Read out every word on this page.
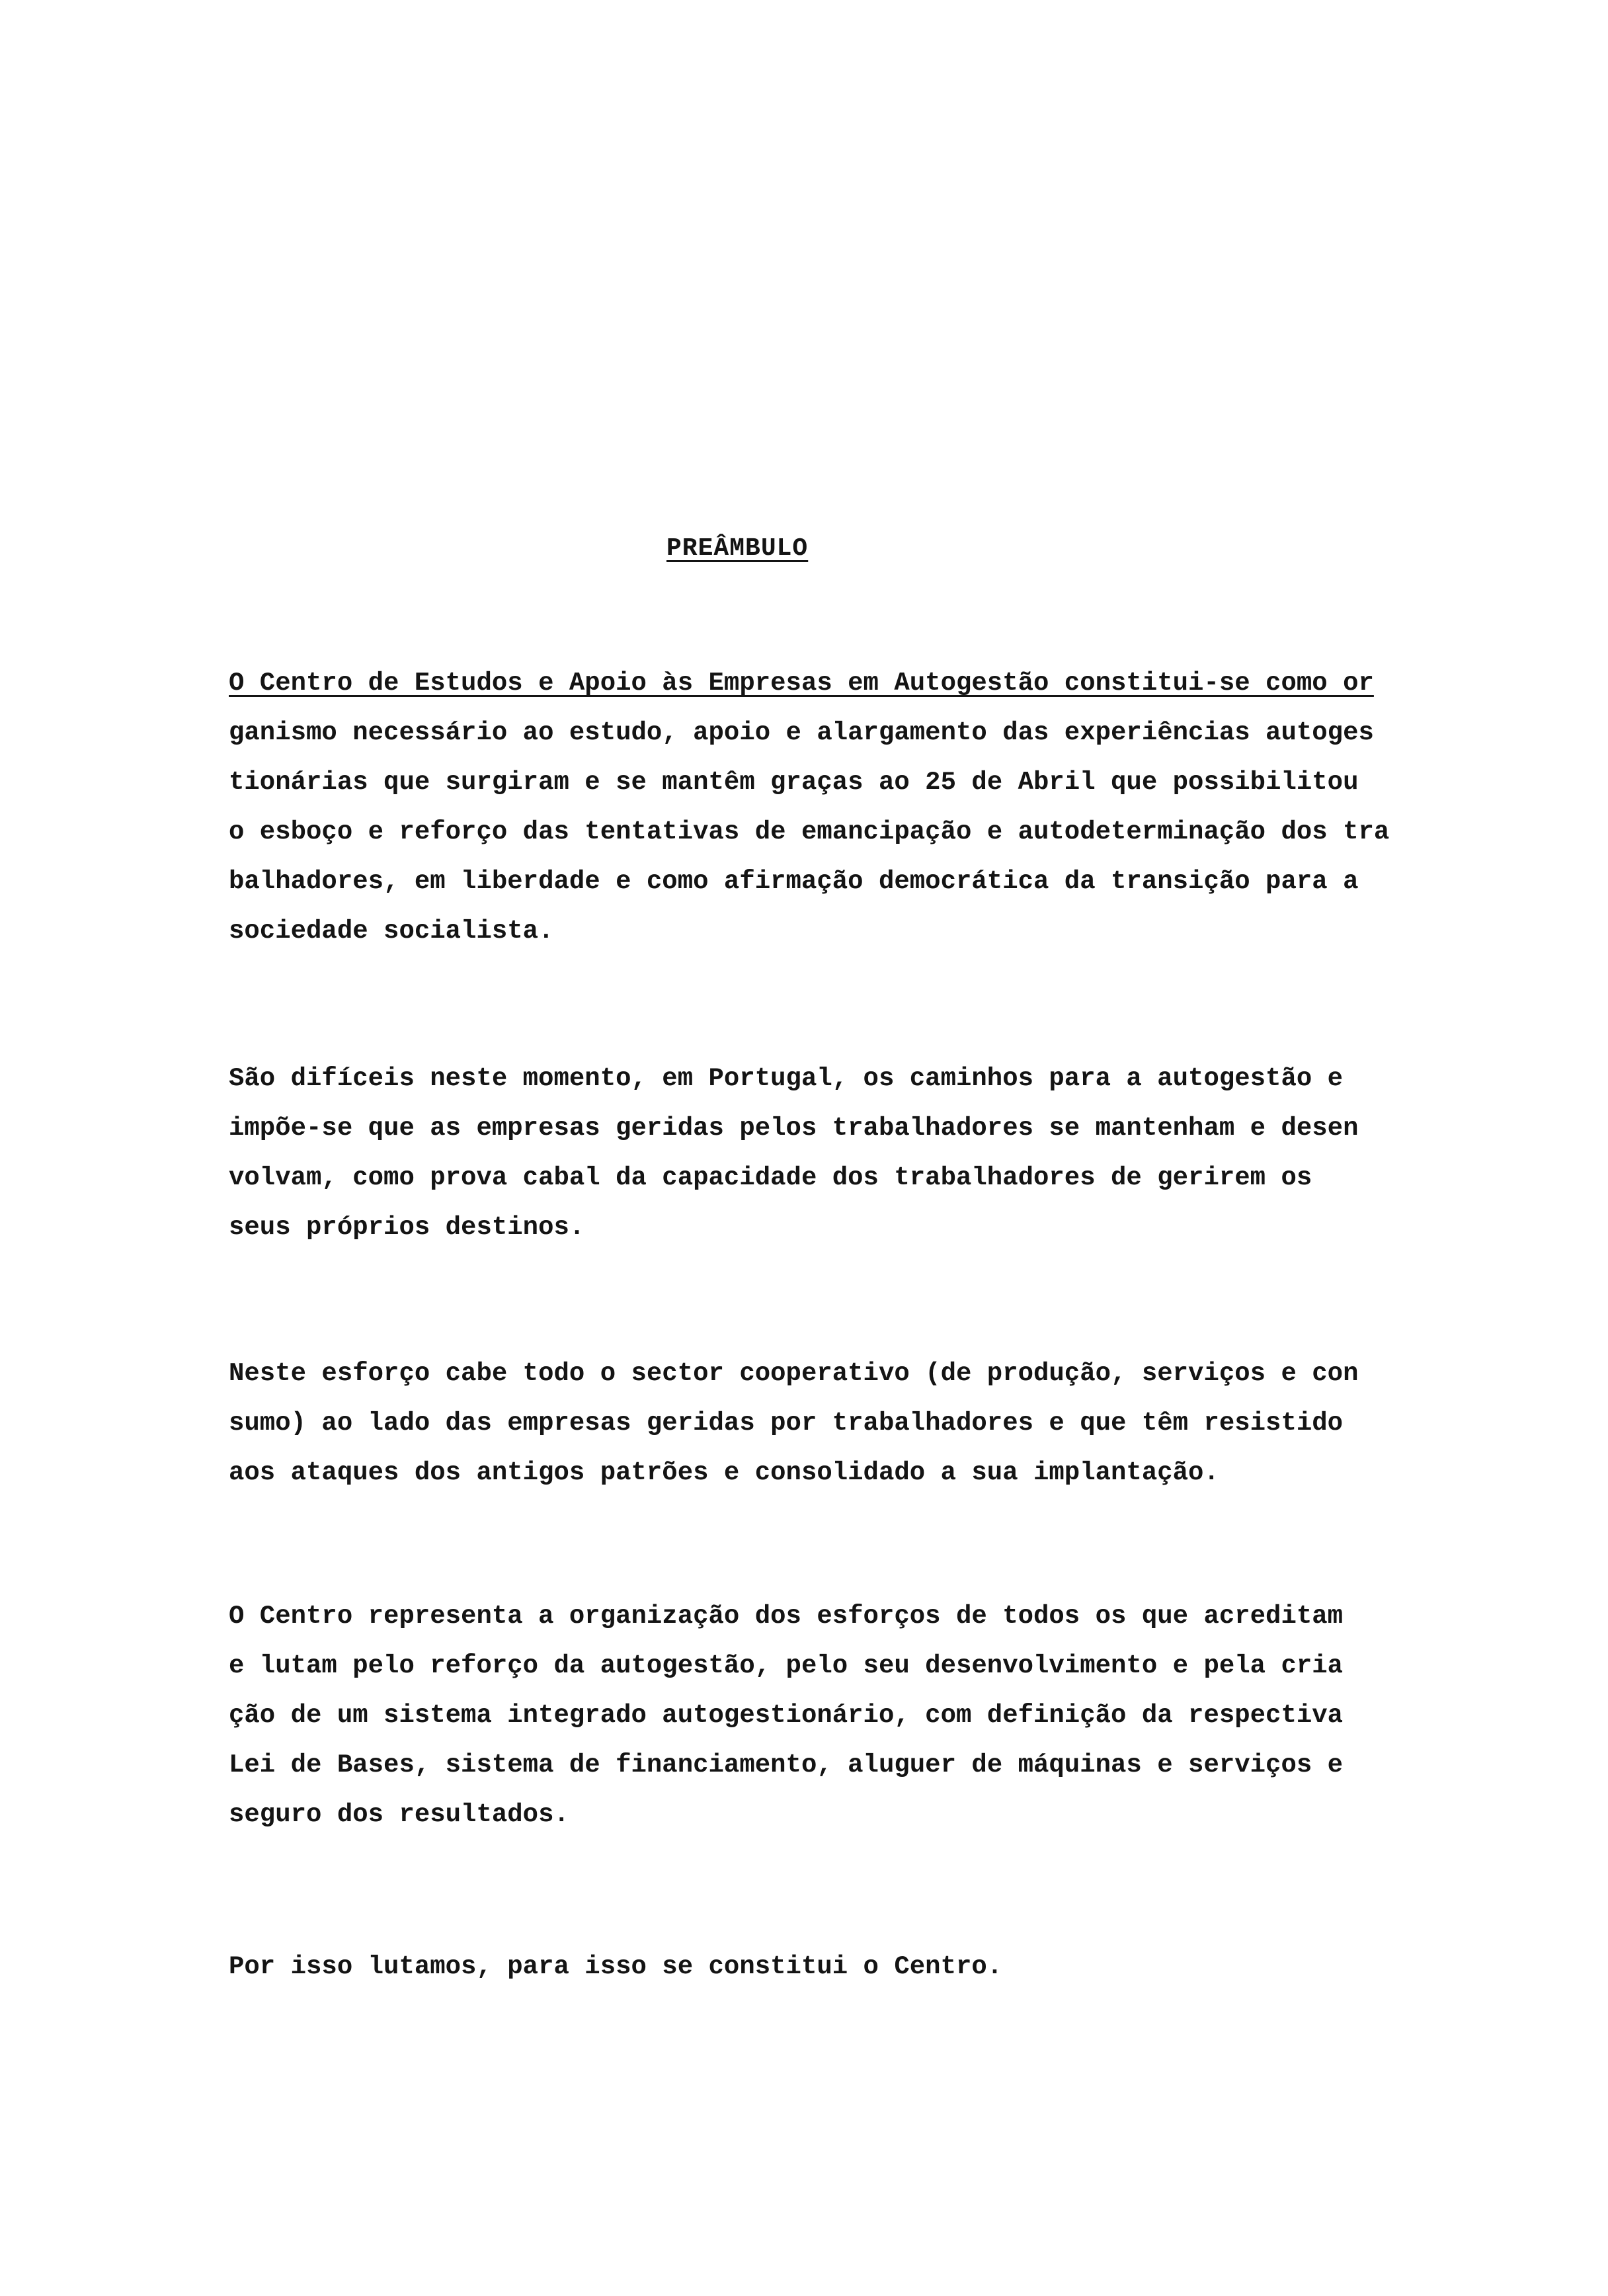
PREÂMBULO
O Centro de Estudos e Apoio às Empresas em Autogestão constitui-se como or
ganismo necessário ao estudo, apoio e alargamento das experiências autoges
tionárias que surgiram e se mantêm graças ao 25 de Abril que possibilitou
o esboço e reforço das tentativas de emancipação e autodeterminação dos tra
balhadores, em liberdade e como afirmação democrática da transição para a
sociedade socialista.
São difíceis neste momento, em Portugal, os caminhos para a autogestão e
impõe-se que as empresas geridas pelos trabalhadores se mantenham e desen
volvam, como prova cabal da capacidade dos trabalhadores de gerirem os
seus próprios destinos.
Neste esforço cabe todo o sector cooperativo (de produção, serviços e con
sumo) ao lado das empresas geridas por trabalhadores e que têm resistido
aos ataques dos antigos patrões e consolidado a sua implantação.
O Centro representa a organização dos esforços de todos os que acreditam
e lutam pelo reforço da autogestão, pelo seu desenvolvimento e pela cria
ção de um sistema integrado autogestionário, com definição da respectiva
Lei de Bases, sistema de financiamento, aluguer de máquinas e serviços e
seguro dos resultados.
Por isso lutamos, para isso se constitui o Centro.
